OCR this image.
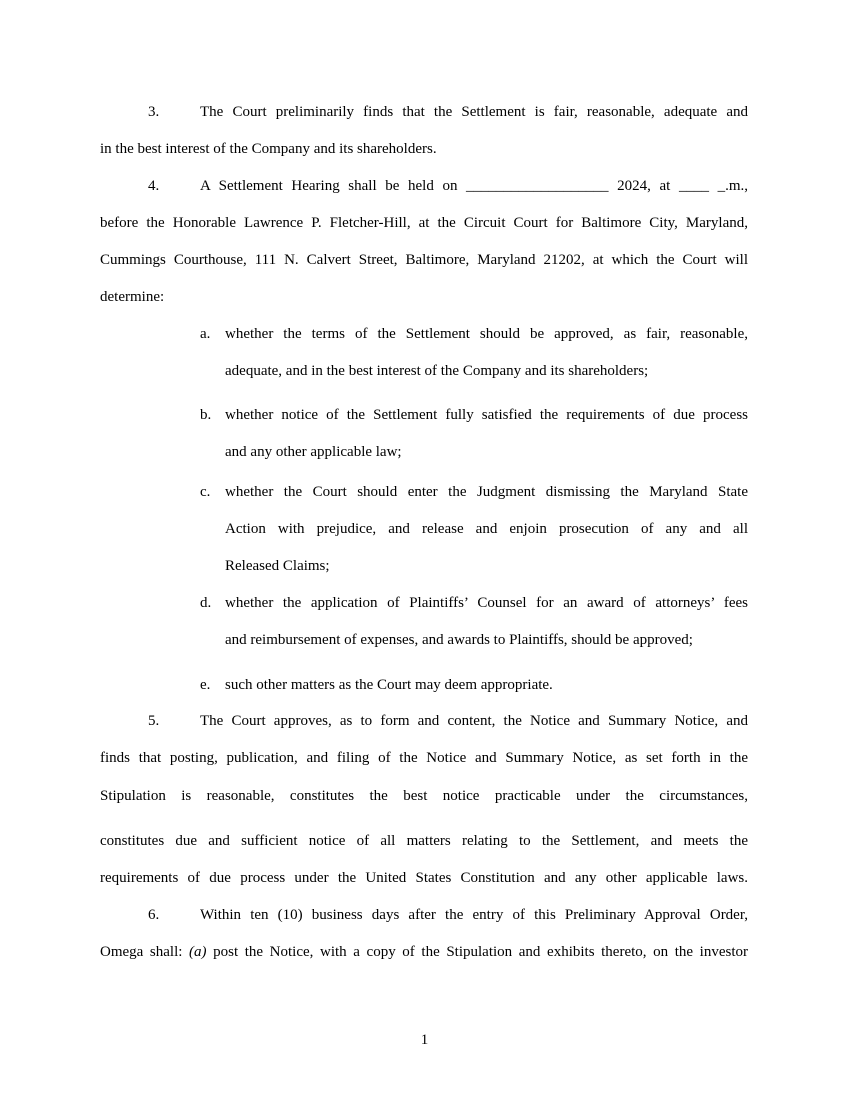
3.	The Court preliminarily finds that the Settlement is fair, reasonable, adequate and
in the best interest of the Company and its shareholders.
4.	A Settlement Hearing shall be held on ___________________ 2024, at ____ _.m.,
before the Honorable Lawrence P. Fletcher-Hill, at the Circuit Court for Baltimore City, Maryland,
Cummings Courthouse, 111 N. Calvert Street, Baltimore, Maryland 21202, at which the Court will
determine:
a. whether the terms of the Settlement should be approved, as fair, reasonable,
adequate, and in the best interest of the Company and its shareholders;
b. whether notice of the Settlement fully satisfied the requirements of due process
and any other applicable law;
c. whether the Court should enter the Judgment dismissing the Maryland State
Action with prejudice, and release and enjoin prosecution of any and all
Released Claims;
d. whether the application of Plaintiffs’ Counsel for an award of attorneys’ fees
and reimbursement of expenses, and awards to Plaintiffs, should be approved;
e. such other matters as the Court may deem appropriate.
5.	The Court approves, as to form and content, the Notice and Summary Notice, and
finds that posting, publication, and filing of the Notice and Summary Notice, as set forth in the
Stipulation is reasonable, constitutes the best notice practicable under the circumstances,
constitutes due and sufficient notice of all matters relating to the Settlement, and meets the
requirements of due process under the United States Constitution and any other applicable laws.
6.	Within ten (10) business days after the entry of this Preliminary Approval Order,
Omega shall: (a) post the Notice, with a copy of the Stipulation and exhibits thereto, on the investor
1
